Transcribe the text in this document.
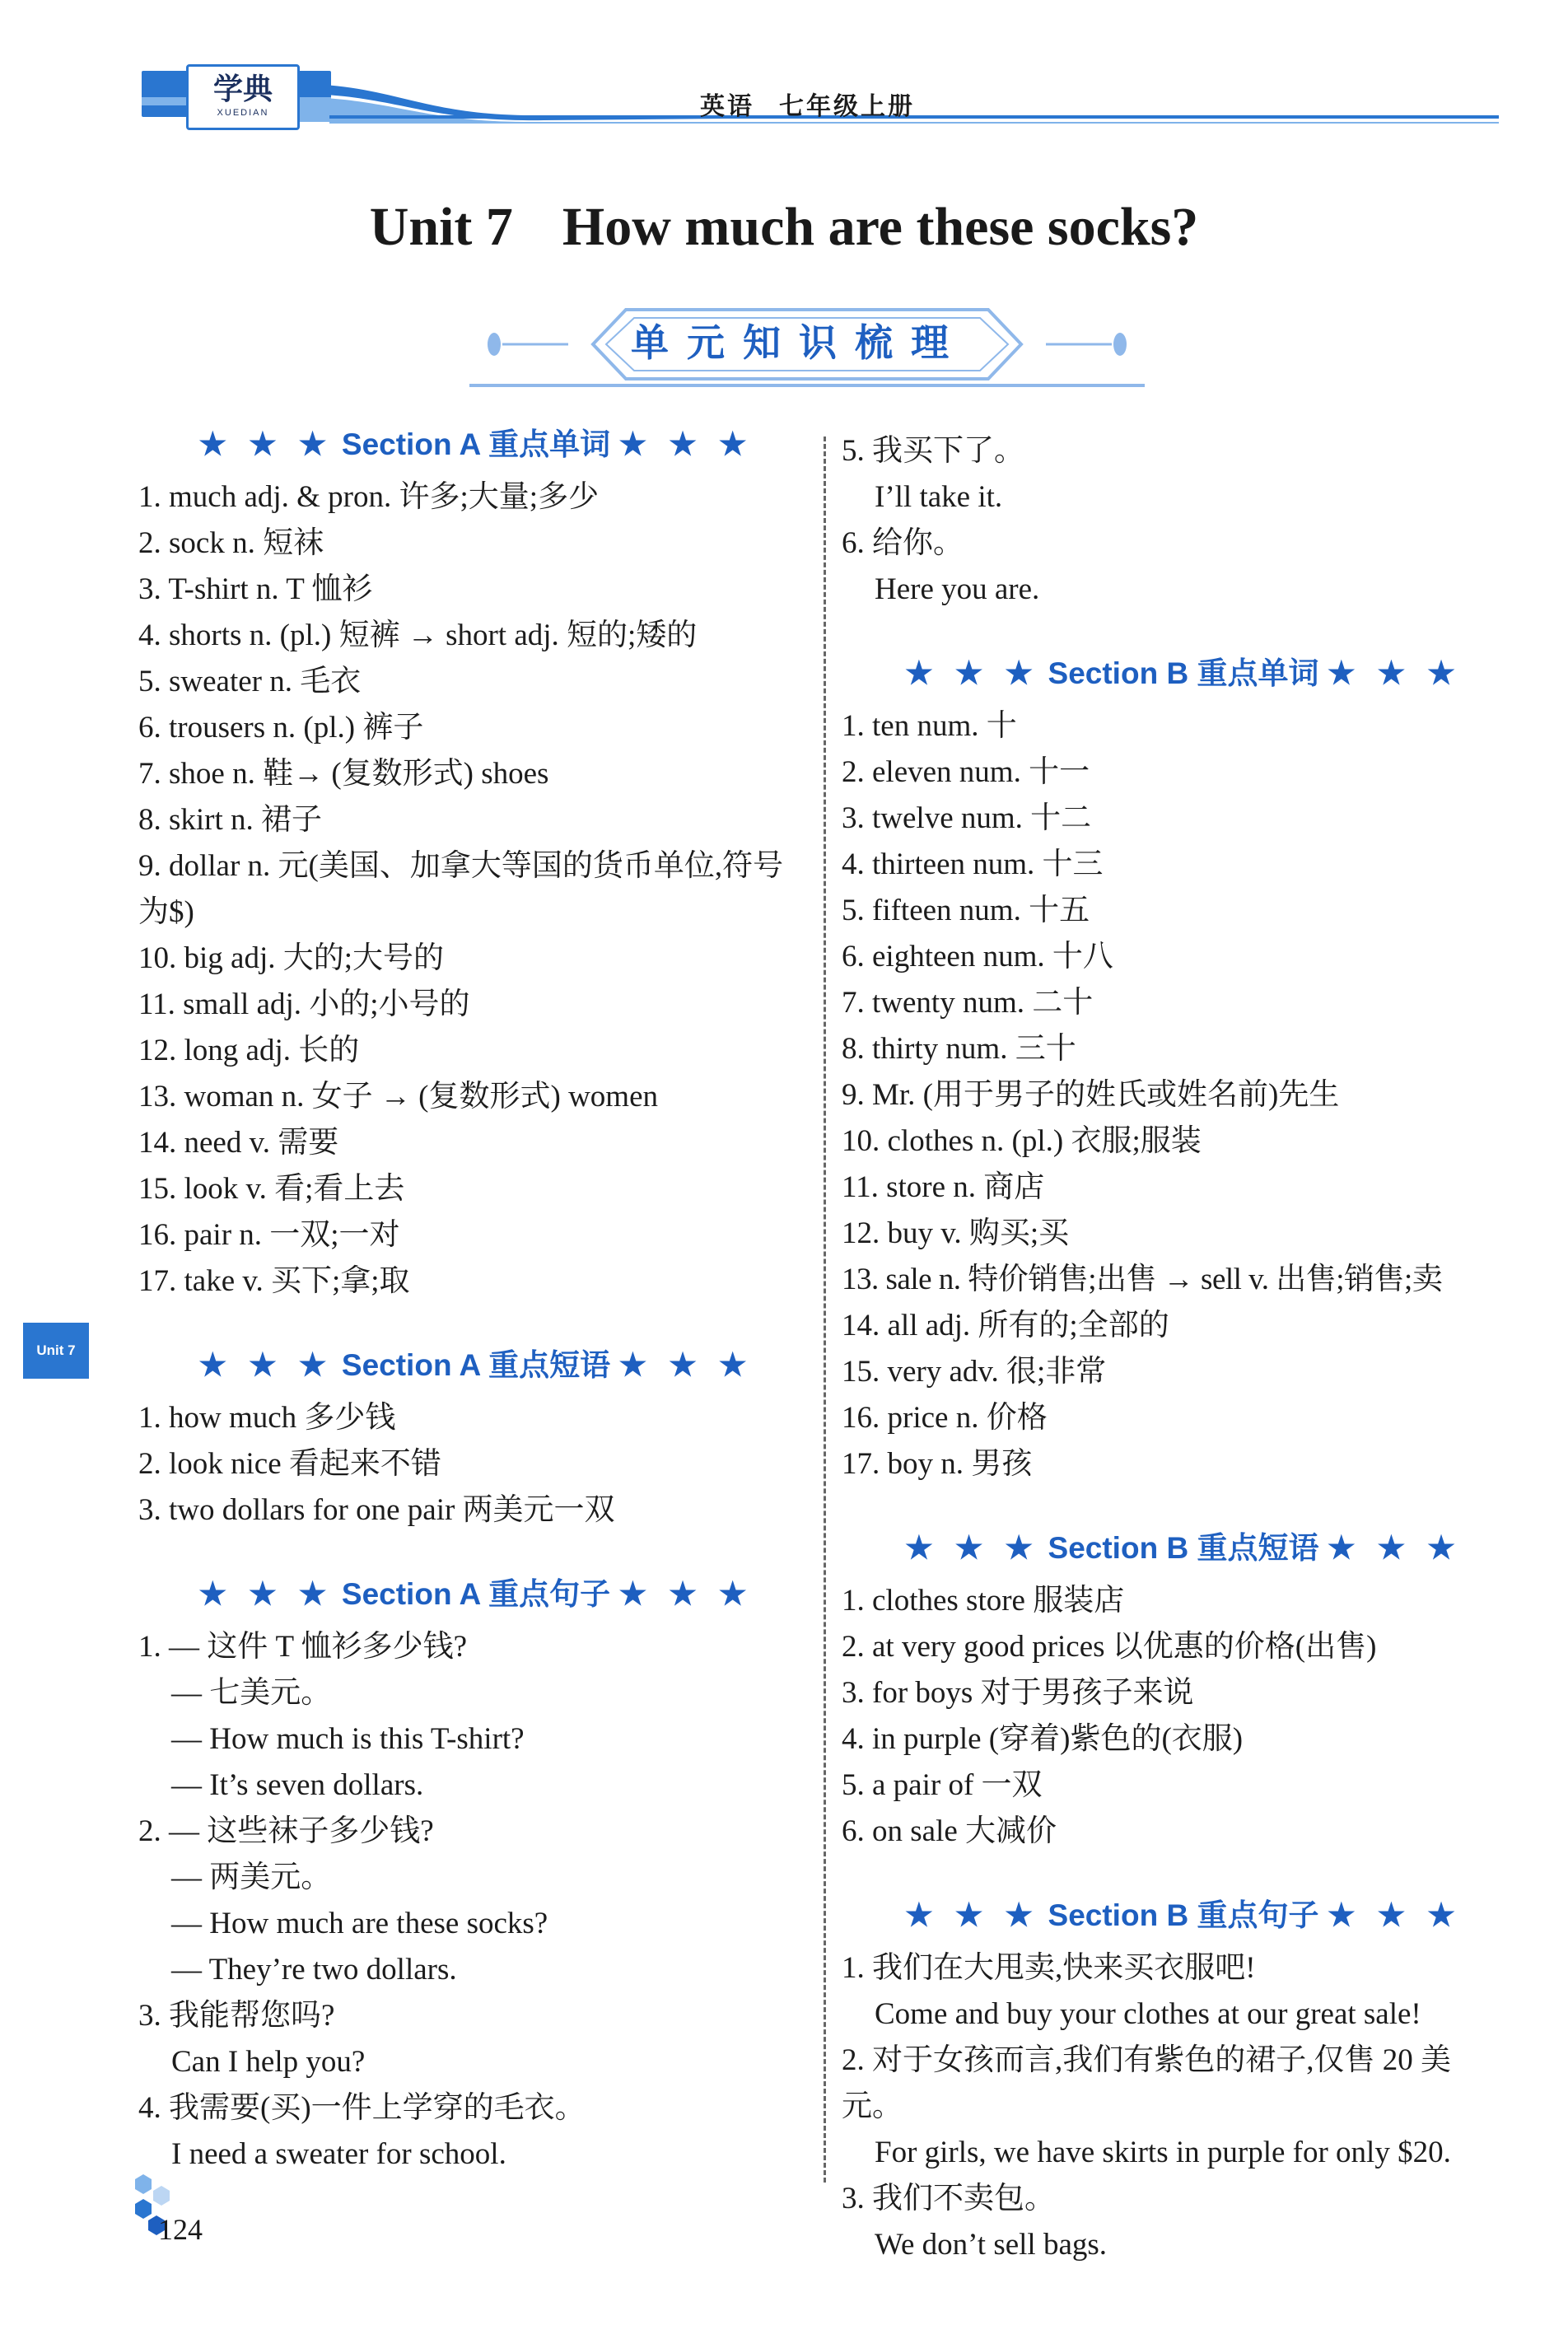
学典
XUEDIAN	英语 七年级上册
Unit 7 How much are these socks?
单元知识梳理
★ ★ ★ Section A 重点单词 ★ ★ ★
1. much adj. & pron. 许多;大量;多少
2. sock n. 短袜
3. T-shirt n. T 恤衫
4. shorts n. (pl.) 短裤 → short adj. 短的;矮的
5. sweater n. 毛衣
6. trousers n. (pl.) 裤子
7. shoe n. 鞋→ (复数形式) shoes
8. skirt n. 裙子
9. dollar n. 元(美国、加拿大等国的货币单位,符号为$)
10. big adj. 大的;大号的
11. small adj. 小的;小号的
12. long adj. 长的
13. woman n. 女子 → (复数形式) women
14. need v. 需要
15. look v. 看;看上去
16. pair n. 一双;一对
17. take v. 买下;拿;取
★ ★ ★ Section A 重点短语 ★ ★ ★
1. how much 多少钱
2. look nice 看起来不错
3. two dollars for one pair 两美元一双
★ ★ ★ Section A 重点句子 ★ ★ ★
1. — 这件 T 恤衫多少钱?
— 七美元。
— How much is this T-shirt?
— It’s seven dollars.
2. — 这些袜子多少钱?
— 两美元。
— How much are these socks?
— They’re two dollars.
3. 我能帮您吗?
Can I help you?
4. 我需要(买)一件上学穿的毛衣。
I need a sweater for school.
5. 我买下了。
I’ll take it.
6. 给你。
Here you are.
★ ★ ★ Section B 重点单词 ★ ★ ★
1. ten num. 十
2. eleven num. 十一
3. twelve num. 十二
4. thirteen num. 十三
5. fifteen num. 十五
6. eighteen num. 十八
7. twenty num. 二十
8. thirty num. 三十
9. Mr. (用于男子的姓氏或姓名前)先生
10. clothes n. (pl.) 衣服;服装
11. store n. 商店
12. buy v. 购买;买
13. sale n. 特价销售;出售 → sell v. 出售;销售;卖
14. all adj. 所有的;全部的
15. very adv. 很;非常
16. price n. 价格
17. boy n. 男孩
★ ★ ★ Section B 重点短语 ★ ★ ★
1. clothes store 服装店
2. at very good prices 以优惠的价格(出售)
3. for boys 对于男孩子来说
4. in purple (穿着)紫色的(衣服)
5. a pair of 一双
6. on sale 大减价
★ ★ ★ Section B 重点句子 ★ ★ ★
1. 我们在大甩卖,快来买衣服吧!
Come and buy your clothes at our great sale!
2. 对于女孩而言,我们有紫色的裙子,仅售 20 美元。
For girls, we have skirts in purple for only $20.
3. 我们不卖包。
We don’t sell bags.
Unit 7
124
